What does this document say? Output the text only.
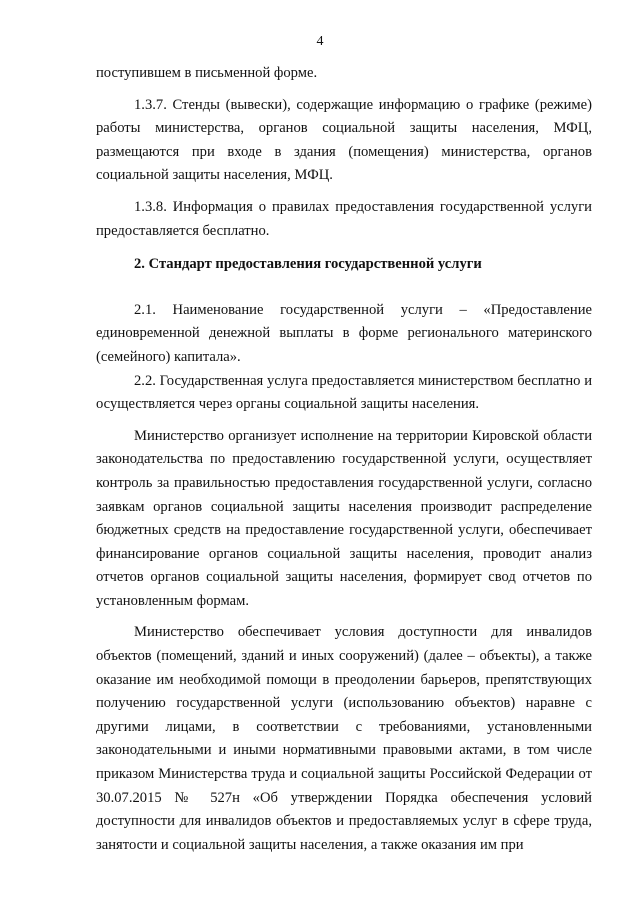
4

поступившем в письменной форме.

1.3.7. Стенды (вывески), содержащие информацию о графике (режиме) работы министерства, органов социальной защиты населения, МФЦ, размещаются при входе в здания (помещения) министерства, органов социальной защиты населения, МФЦ.

1.3.8. Информация о правилах предоставления государственной услуги предоставляется бесплатно.

2. Стандарт предоставления государственной услуги

2.1. Наименование государственной услуги – «Предоставление единовременной денежной выплаты в форме регионального материнского (семейного) капитала».

2.2. Государственная услуга предоставляется министерством бесплатно и осуществляется через органы социальной защиты населения.

Министерство организует исполнение на территории Кировской области законодательства по предоставлению государственной услуги, осуществляет контроль за правильностью предоставления государственной услуги, согласно заявкам органов социальной защиты населения производит распределение бюджетных средств на предоставление государственной услуги, обеспечивает финансирование органов социальной защиты населения, проводит анализ отчетов органов социальной защиты населения, формирует свод отчетов по установленным формам.

Министерство обеспечивает условия доступности для инвалидов объектов (помещений, зданий и иных сооружений) (далее – объекты), а также оказание им необходимой помощи в преодолении барьеров, препятствующих получению государственной услуги (использованию объектов) наравне с другими лицами, в соответствии с требованиями, установленными законодательными и иными нормативными правовыми актами, в том числе приказом Министерства труда и социальной защиты Российской Федерации от 30.07.2015 № 527н «Об утверждении Порядка обеспечения условий доступности для инвалидов объектов и предоставляемых услуг в сфере труда, занятости и социальной защиты населения, а также оказания им при
